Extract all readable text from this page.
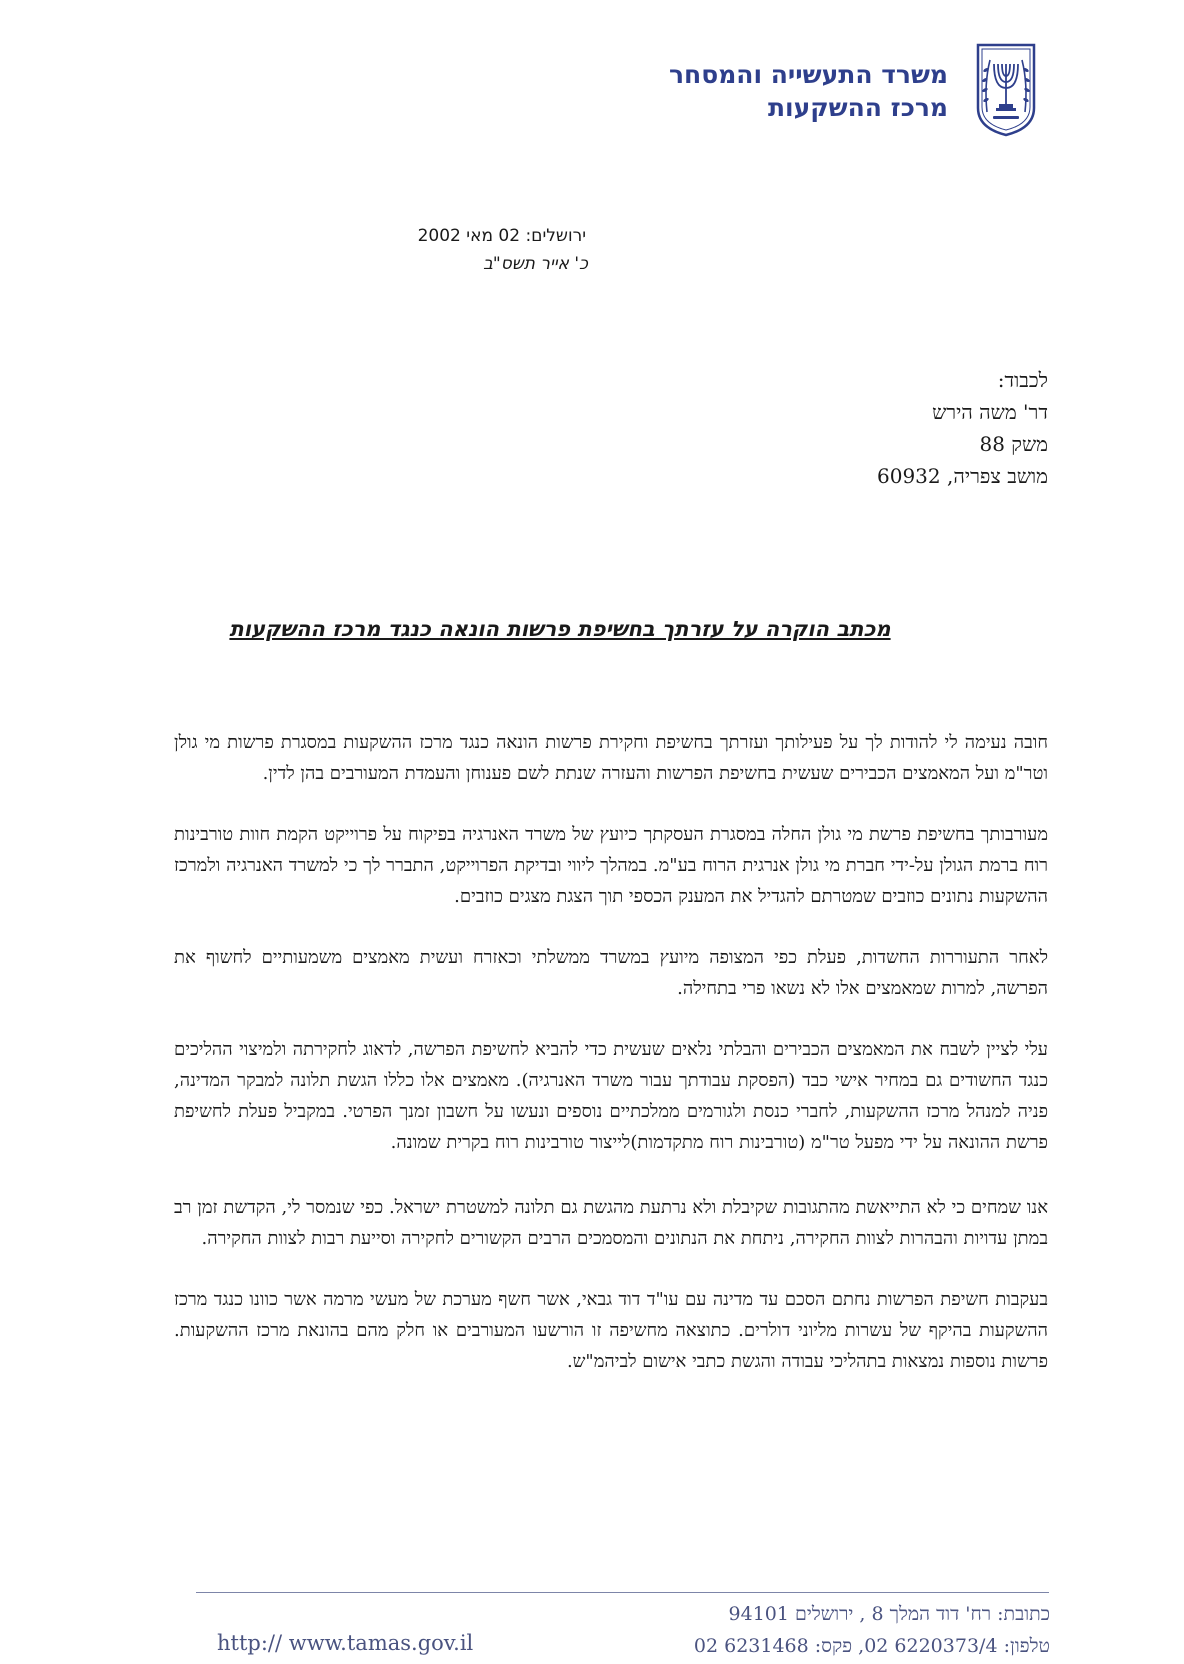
משרד התעשייה והמסחר
מרכז ההשקעות
ירושלים: 02 מאי 2002
כ' אייר תשס"ב
לכבוד:
דר' משה הירש
משק 88
מושב צפריה, 60932
מכתב הוקרה על עזרתך בחשיפת פרשות הונאה כנגד מרכז ההשקעות

חובה נעימה לי להודות לך על פעילותך ועזרתך בחשיפת וחקירת פרשות הונאה כנגד מרכז ההשקעות במסגרת פרשות מי גולן וטר"מ ועל המאמצים הכבירים שעשית בחשיפת הפרשות והעזרה שנתת לשם פענוחן והעמדת המעורבים בהן לדין.

מעורבותך בחשיפת פרשת מי גולן החלה במסגרת העסקתך כיועץ של משרד האנרגיה בפיקוח על פרוייקט הקמת חוות טורבינות רוח ברמת הגולן על-ידי חברת מי גולן אנרגית הרוח בע"מ. במהלך ליווי ובדיקת הפרוייקט, התברר לך כי למשרד האנרגיה ולמרכז ההשקעות נתונים כוזבים שמטרתם להגדיל את המענק הכספי תוך הצגת מצגים כוזבים.

לאחר התעוררות החשדות, פעלת כפי המצופה מיועץ במשרד ממשלתי וכאזרח ועשית מאמצים משמעותיים לחשוף את הפרשה, למרות שמאמצים אלו לא נשאו פרי בתחילה.

עלי לציין לשבח את המאמצים הכבירים והבלתי נלאים שעשית כדי להביא לחשיפת הפרשה, לדאוג לחקירתה ולמיצוי ההליכים כנגד החשודים גם במחיר אישי כבד (הפסקת עבודתך עבור משרד האנרגיה). מאמצים אלו כללו הגשת תלונה למבקר המדינה, פניה למנהל מרכז ההשקעות, לחברי כנסת ולגורמים ממלכתיים נוספים ונעשו על חשבון זמנך הפרטי. במקביל פעלת לחשיפת פרשת ההונאה על ידי מפעל טר"מ (טורבינות רוח מתקדמות)לייצור טורבינות רוח בקרית שמונה.

אנו שמחים כי לא התייאשת מהתגובות שקיבלת ולא נרתעת מהגשת גם תלונה למשטרת ישראל. כפי שנמסר לי, הקדשת זמן רב במתן עדויות והבהרות לצוות החקירה, ניתחת את הנתונים והמסמכים הרבים הקשורים לחקירה וסייעת רבות לצוות החקירה.

בעקבות חשיפת הפרשות נחתם הסכם עד מדינה עם עו"ד דוד גבאי, אשר חשף מערכת של מעשי מרמה אשר כוונו כנגד מרכז ההשקעות בהיקף של עשרות מליוני דולרים. כתוצאה מחשיפה זו הורשעו המעורבים או חלק מהם בהונאת מרכז ההשקעות. פרשות נוספות נמצאות בתהליכי עבודה והגשת כתבי אישום לביהמ"ש.

כתובת: רח' דוד המלך 8 , ירושלים 94101
טלפון: 6220373/4 02, פקס: 6231468 02
http:// www.tamas.gov.il
